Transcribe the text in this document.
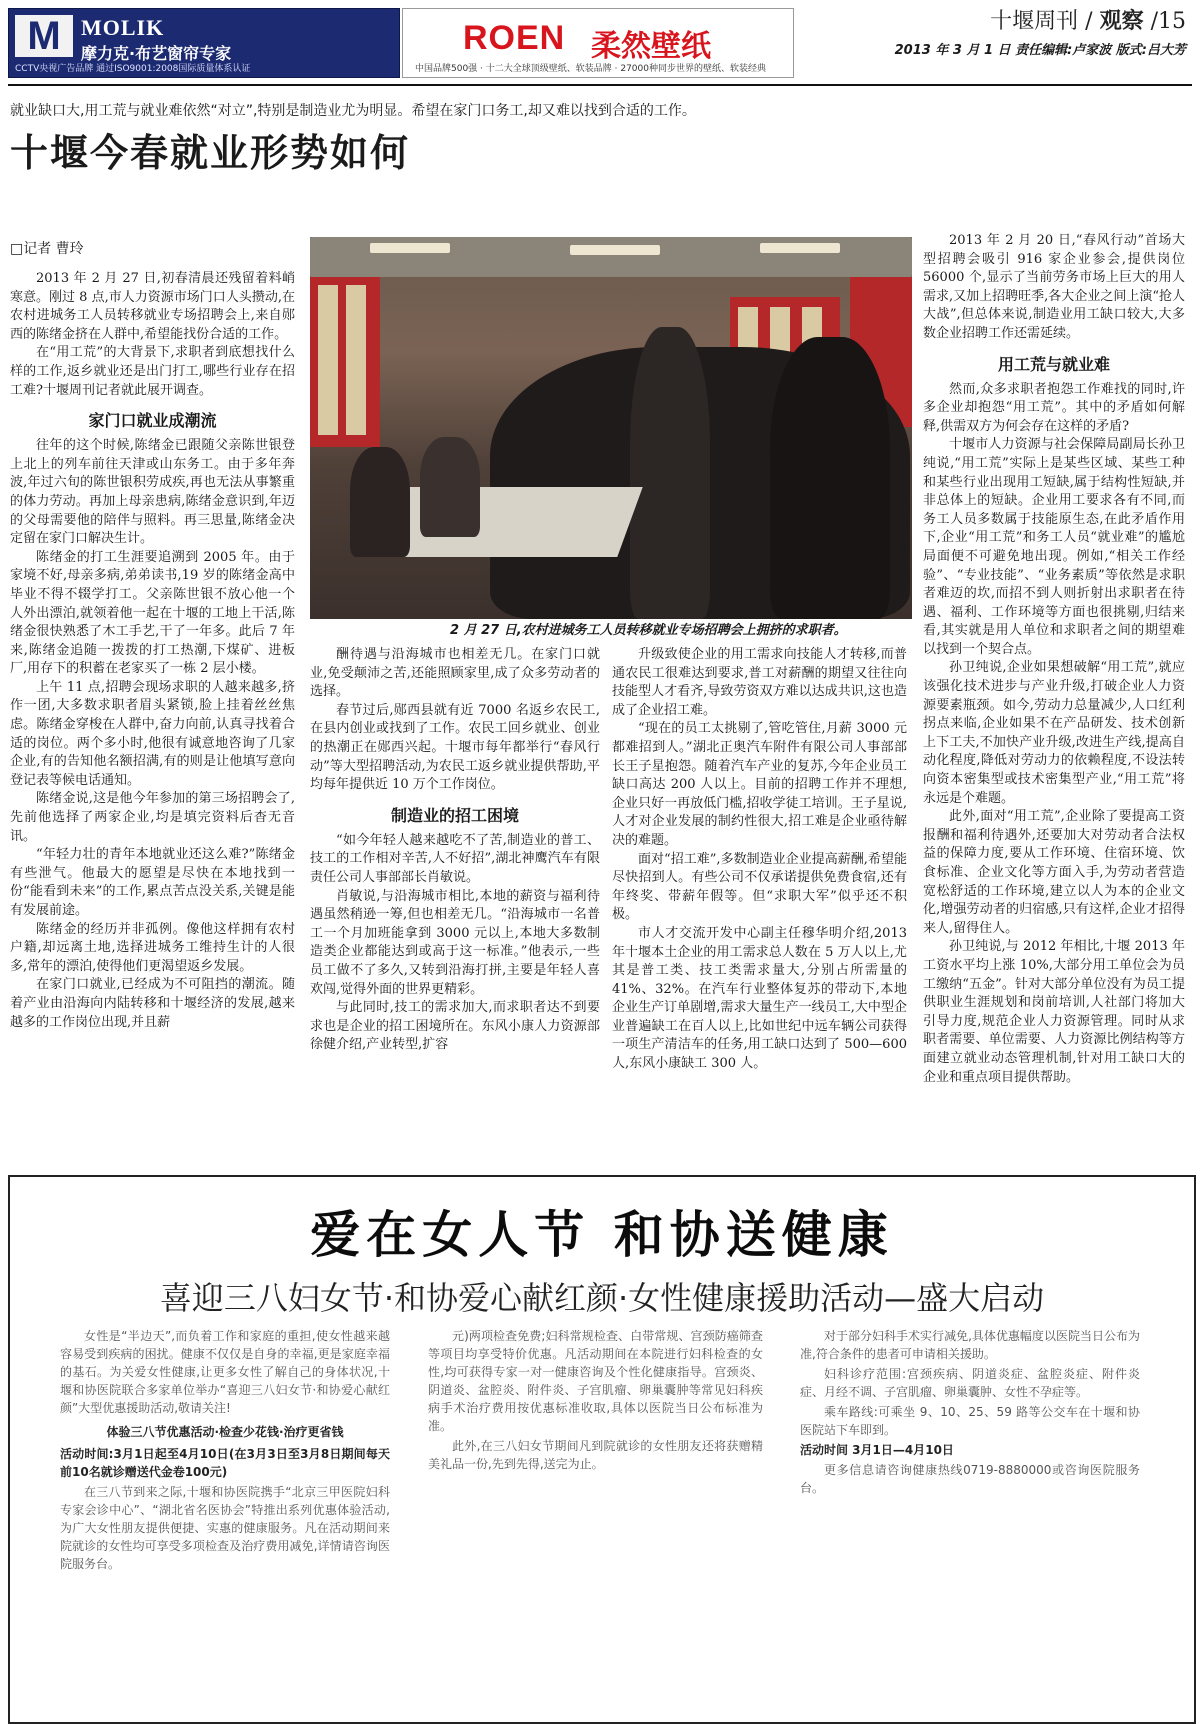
M MOLIK
摩力克·布艺窗帘专家
CCTV央视广告品牌 通过ISO9001:2008国际质量体系认证
ROEN 柔然壁纸
中国品牌500强 · 十二大全球顶级壁纸、软装品牌 · 27000种同步世界的壁纸、软装经典
十堰周刊 / 观察 /15
2013 年 3 月 1 日 责任编辑:卢家波 版式:吕大芳
就业缺口大,用工荒与就业难依然“对立”,特别是制造业尤为明显。希望在家门口务工,却又难以找到合适的工作。
十堰今春就业形势如何
□记者 曹玲

2013 年 2 月 27 日,初春清晨还残留着料峭寒意。刚过 8 点,市人力资源市场门口人头攒动,在农村进城务工人员转移就业专场招聘会上,来自郧西的陈绪金挤在人群中,希望能找份合适的工作。

在“用工荒”的大背景下,求职者到底想找什么样的工作,返乡就业还是出门打工,哪些行业存在招工难?十堰周刊记者就此展开调查。

家门口就业成潮流

往年的这个时候,陈绪金已跟随父亲陈世银登上北上的列车前往天津或山东务工。由于多年奔波,年过六旬的陈世银积劳成疾,再也无法从事繁重的体力劳动。再加上母亲患病,陈绪金意识到,年迈的父母需要他的陪伴与照料。再三思量,陈绪金决定留在家门口解决生计。

陈绪金的打工生涯要追溯到 2005 年。由于家境不好,母亲多病,弟弟读书,19 岁的陈绪金高中毕业不得不辍学打工。父亲陈世银不放心他一个人外出漂泊,就领着他一起在十堰的工地上干活,陈绪金很快熟悉了木工手艺,干了一年多。此后 7 年来,陈绪金追随一拨拨的打工热潮,下煤矿、进板厂,用存下的积蓄在老家买了一栋 2 层小楼。

上午 11 点,招聘会现场求职的人越来越多,挤作一团,大多数求职者眉头紧锁,脸上挂着丝丝焦虑。陈绪金穿梭在人群中,奋力向前,认真寻找着合适的岗位。两个多小时,他很有诚意地咨询了几家企业,有的告知他名额招满,有的则是让他填写意向登记表等候电话通知。

陈绪金说,这是他今年参加的第三场招聘会了,先前他选择了两家企业,均是填完资料后杳无音讯。

“年轻力壮的青年本地就业还这么难?”陈绪金有些泄气。他最大的愿望是尽快在本地找到一份“能看到未来”的工作,累点苦点没关系,关键是能有发展前途。

陈绪金的经历并非孤例。像他这样拥有农村户籍,却远离土地,选择进城务工维持生计的人很多,常年的漂泊,使得他们更渴望返乡发展。

在家门口就业,已经成为不可阻挡的潮流。随着产业由沿海向内陆转移和十堰经济的发展,越来越多的工作岗位出现,并且薪

2 月 27 日,农村进城务工人员转移就业专场招聘会上拥挤的求职者。

酬待遇与沿海城市也相差无几。在家门口就业,免受颠沛之苦,还能照顾家里,成了众多劳动者的选择。

春节过后,郧西县就有近 7000 名返乡农民工,在县内创业或找到了工作。农民工回乡就业、创业的热潮正在郧西兴起。十堰市每年都举行“春风行动”等大型招聘活动,为农民工返乡就业提供帮助,平均每年提供近 10 万个工作岗位。

制造业的招工困境

“如今年轻人越来越吃不了苦,制造业的普工、技工的工作相对辛苦,人不好招”,湖北神鹰汽车有限责任公司人事部部长肖敏说。

肖敏说,与沿海城市相比,本地的薪资与福利待遇虽然稍逊一筹,但也相差无几。“沿海城市一名普工一个月加班能拿到 3000 元以上,本地大多数制造类企业都能达到或高于这一标准。”他表示,一些员工做不了多久,又转到沿海打拼,主要是年轻人喜欢闯,觉得外面的世界更精彩。

与此同时,技工的需求加大,而求职者达不到要求也是企业的招工困境所在。东风小康人力资源部徐健介绍,产业转型,扩容

升级致使企业的用工需求向技能人才转移,而普通农民工很难达到要求,普工对薪酬的期望又往往向技能型人才看齐,导致劳资双方难以达成共识,这也造成了企业招工难。

“现在的员工太挑剔了,管吃管住,月薪 3000 元都难招到人。”湖北正奥汽车附件有限公司人事部部长王子星抱怨。随着汽车产业的复苏,今年企业员工缺口高达 200 人以上。目前的招聘工作并不理想,企业只好一再放低门槛,招收学徒工培训。王子星说,人才对企业发展的制约性很大,招工难是企业亟待解决的难题。

面对“招工难”,多数制造业企业提高薪酬,希望能尽快招到人。有些公司不仅承诺提供免费食宿,还有年终奖、带薪年假等。但“求职大军”似乎还不积极。

市人才交流开发中心副主任穆华明介绍,2013 年十堰本土企业的用工需求总人数在 5 万人以上,尤其是普工类、技工类需求量大,分别占所需量的 41%、32%。在汽车行业整体复苏的带动下,本地企业生产订单剧增,需求大量生产一线员工,大中型企业普遍缺工在百人以上,比如世纪中远车辆公司获得一项生产清洁车的任务,用工缺口达到了 500—600 人,东风小康缺工 300 人。

2013 年 2 月 20 日,“春风行动”首场大型招聘会吸引 916 家企业参会,提供岗位 56000 个,显示了当前劳务市场上巨大的用人需求,又加上招聘旺季,各大企业之间上演“抢人大战”,但总体来说,制造业用工缺口较大,大多数企业招聘工作还需延续。

用工荒与就业难

然而,众多求职者抱怨工作难找的同时,许多企业却抱怨“用工荒”。其中的矛盾如何解释,供需双方为何会存在这样的矛盾?

十堰市人力资源与社会保障局副局长孙卫纯说,“用工荒”实际上是某些区域、某些工种和某些行业出现用工短缺,属于结构性短缺,并非总体上的短缺。企业用工要求各有不同,而务工人员多数属于技能原生态,在此矛盾作用下,企业“用工荒”和务工人员“就业难”的尴尬局面便不可避免地出现。例如,“相关工作经验”、“专业技能”、“业务素质”等依然是求职者难迈的坎,而招不到人则折射出求职者在待遇、福利、工作环境等方面也很挑剔,归结来看,其实就是用人单位和求职者之间的期望难以找到一个契合点。

孙卫纯说,企业如果想破解“用工荒”,就应该强化技术进步与产业升级,打破企业人力资源要素瓶颈。如今,劳动力总量减少,人口红利拐点来临,企业如果不在产品研发、技术创新上下工夫,不加快产业升级,改进生产线,提高自动化程度,降低对劳动力的依赖程度,不设法转向资本密集型或技术密集型产业,“用工荒”将永远是个难题。

此外,面对“用工荒”,企业除了要提高工资报酬和福利待遇外,还要加大对劳动者合法权益的保障力度,要从工作环境、住宿环境、饮食标准、企业文化等方面入手,为劳动者营造宽松舒适的工作环境,建立以人为本的企业文化,增强劳动者的归宿感,只有这样,企业才招得来人,留得住人。

孙卫纯说,与 2012 年相比,十堰 2013 年工资水平均上涨 10%,大部分用工单位会为员工缴纳“五金”。针对大部分单位没有为员工提供职业生涯规划和岗前培训,人社部门将加大引导力度,规范企业人力资源管理。同时从求职者需要、单位需要、人力资源比例结构等方面建立就业动态管理机制,针对用工缺口大的企业和重点项目提供帮助。

爱在女人节 和协送健康
喜迎三八妇女节·和协爱心献红颜·女性健康援助活动—盛大启动

女性是“半边天”,而负着工作和家庭的重担,使女性越来越容易受到疾病的困扰。健康不仅仅是自身的幸福,更是家庭幸福的基石。为关爱女性健康,让更多女性了解自己的身体状况,十堰和协医院联合多家单位举办“喜迎三八妇女节·和协爱心献红颜”大型优惠援助活动,敬请关注!

体验三八节优惠活动·检查少花钱·治疗更省钱

活动时间:3月1日起至4月10日(在3月3日至3月8日期间每天前10名就诊赠送代金卷100元)

在三八节到来之际,十堰和协医院携手“北京三甲医院妇科专家会诊中心”、“湖北省名医协会”特推出系列优惠体验活动,为广大女性朋友提供便捷、实惠的健康服务。凡在活动期间来院就诊的女性均可享受多项检查及治疗费用减免,详情请咨询医院服务台。

元)两项检查免费;妇科常规检查、白带常规、宫颈防癌筛查等项目均享受特价优惠。凡活动期间在本院进行妇科检查的女性,均可获得专家一对一健康咨询及个性化健康指导。宫颈炎、阴道炎、盆腔炎、附件炎、子宫肌瘤、卵巢囊肿等常见妇科疾病手术治疗费用按优惠标准收取,具体以医院当日公布标准为准。

此外,在三八妇女节期间凡到院就诊的女性朋友还将获赠精美礼品一份,先到先得,送完为止。

对于部分妇科手术实行减免,具体优惠幅度以医院当日公布为准,符合条件的患者可申请相关援助。

妇科诊疗范围:宫颈疾病、阴道炎症、盆腔炎症、附件炎症、月经不调、子宫肌瘤、卵巢囊肿、女性不孕症等。

乘车路线:可乘坐 9、10、25、59 路等公交车在十堰和协医院站下车即到。

活动时间 3月1日—4月10日

更多信息请咨询健康热线0719-8880000或咨询医院服务台。
